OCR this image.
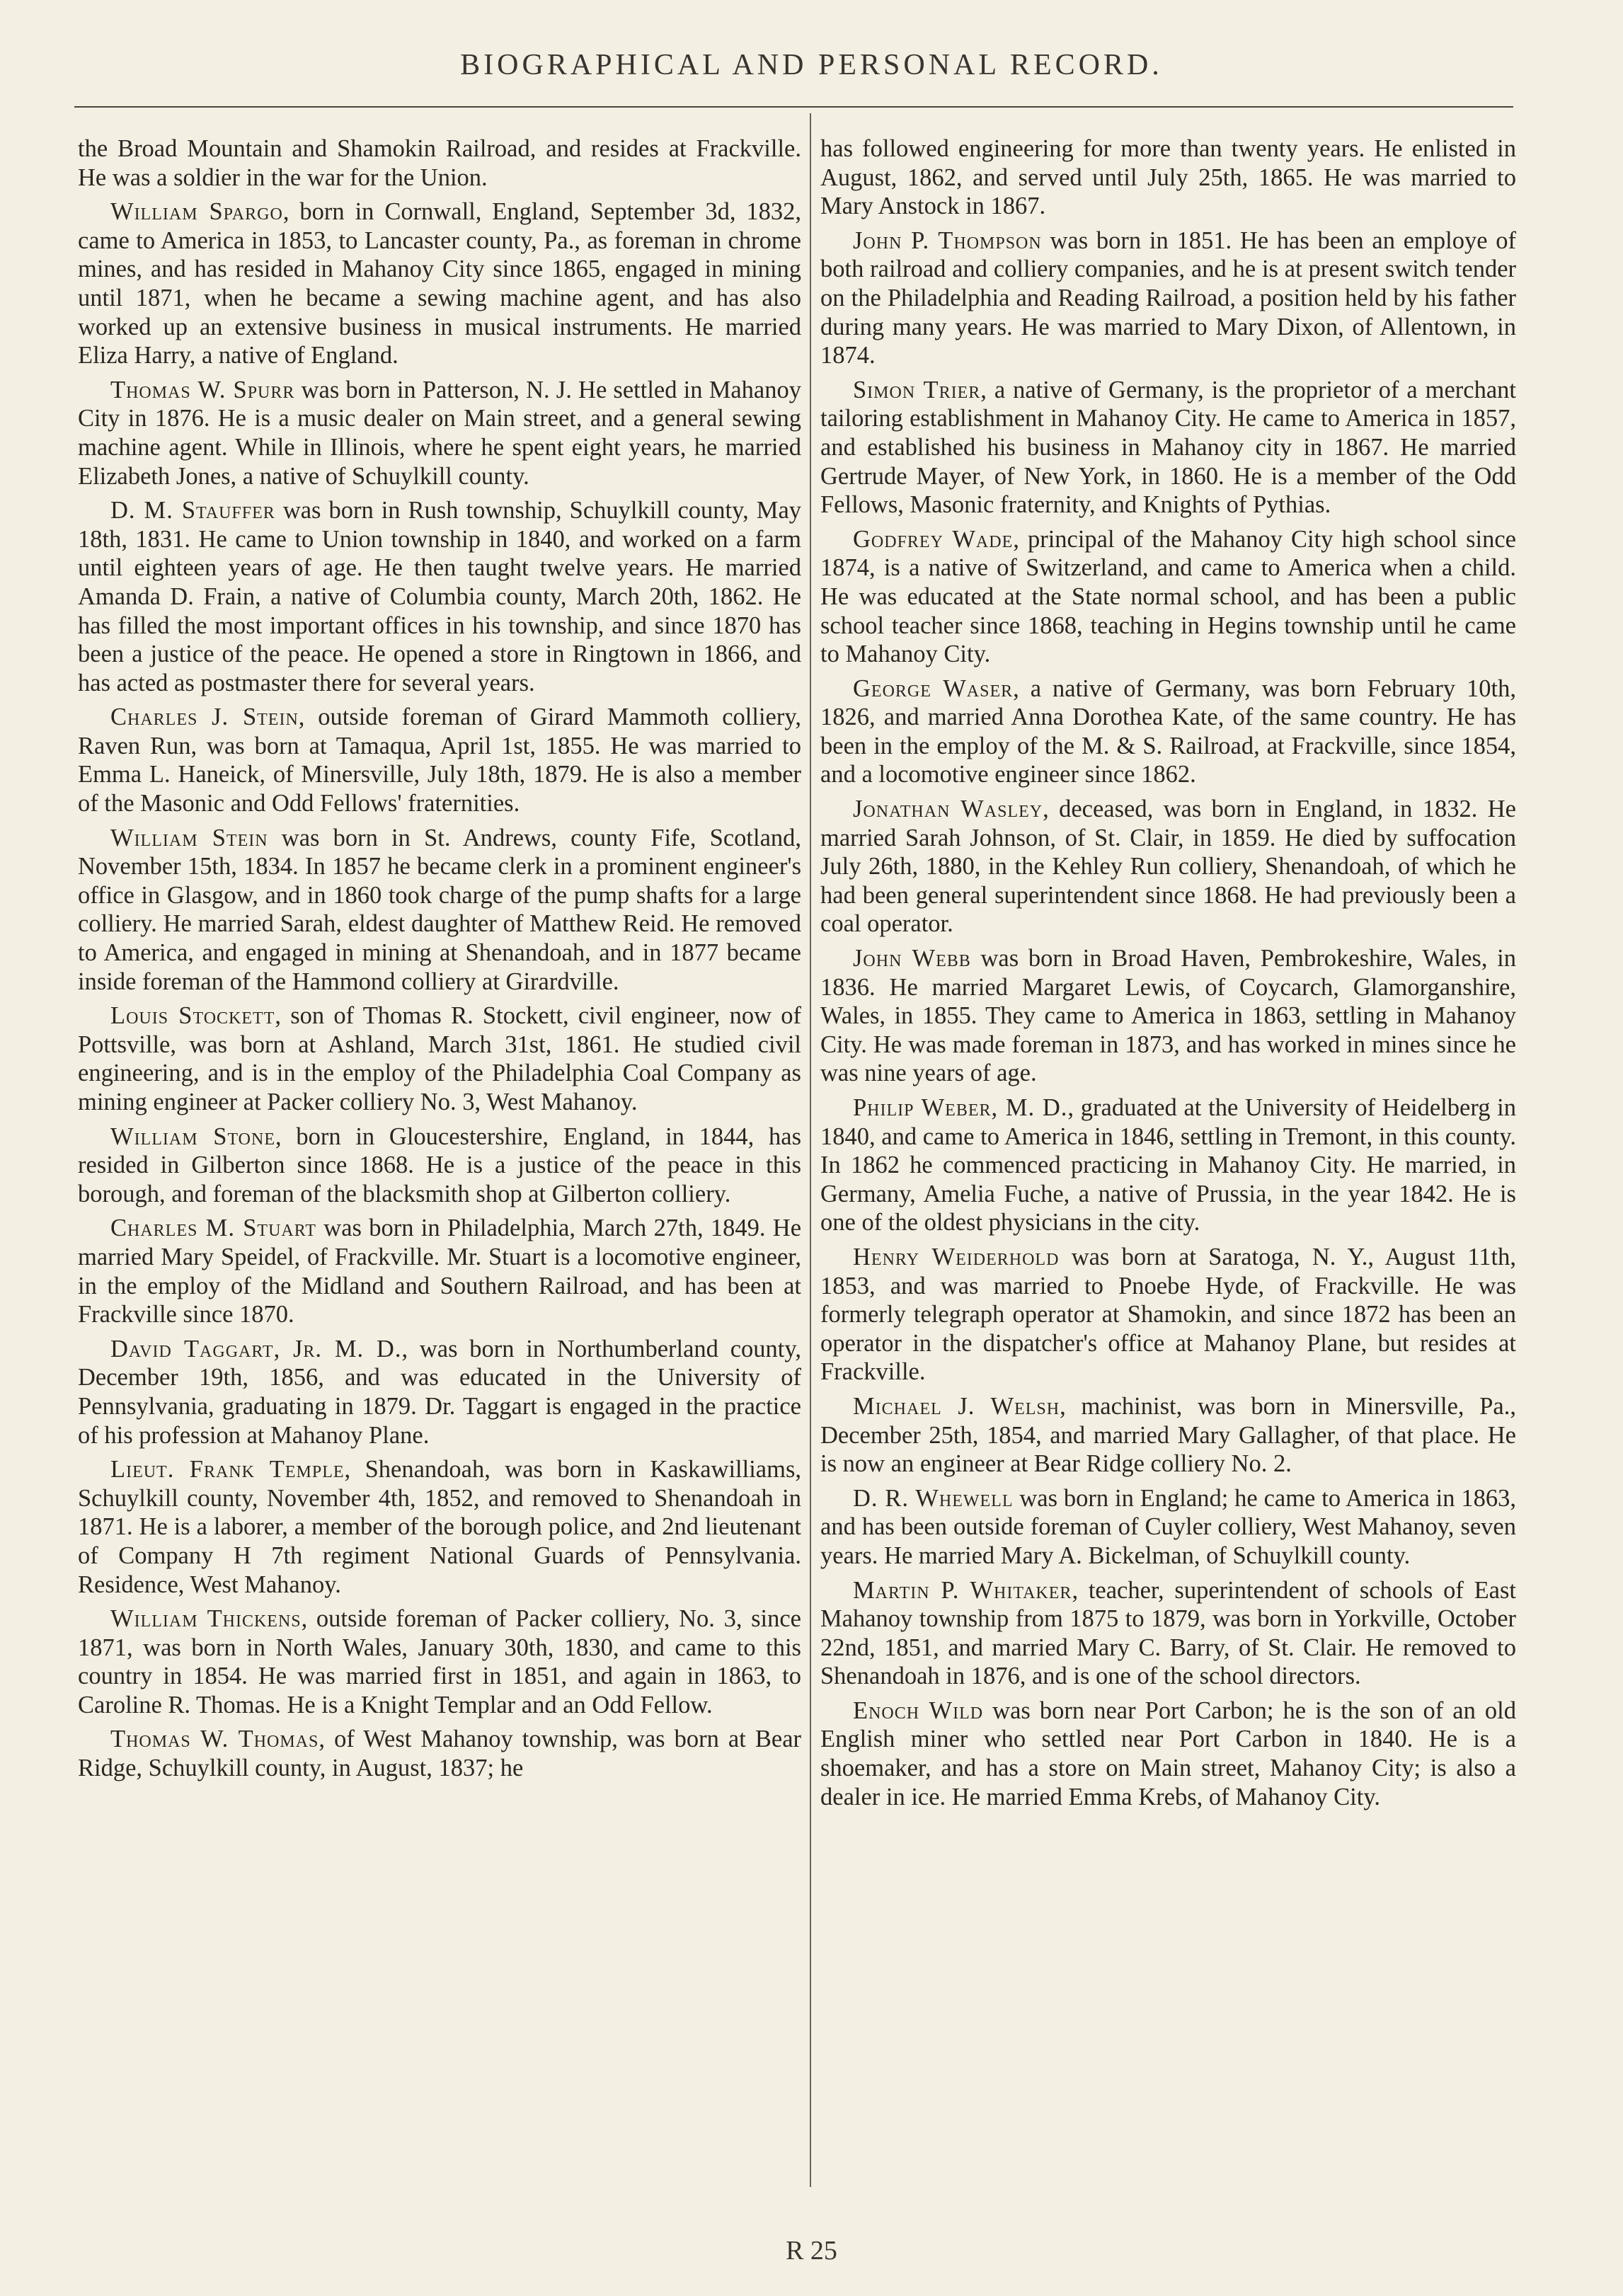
BIOGRAPHICAL AND PERSONAL RECORD.

the Broad Mountain and Shamokin Railroad, and resides at Frackville. He was a soldier in the war for the Union.

William Spargo, born in Cornwall, England, September 3d, 1832, came to America in 1853, to Lancaster county, Pa., as foreman in chrome mines, and has resided in Mahanoy City since 1865, engaged in mining until 1871, when he became a sewing machine agent, and has also worked up an extensive business in musical instruments. He married Eliza Harry, a native of England.

Thomas W. Spurr was born in Patterson, N. J. He settled in Mahanoy City in 1876. He is a music dealer on Main street, and a general sewing machine agent. While in Illinois, where he spent eight years, he married Elizabeth Jones, a native of Schuylkill county.

D. M. Stauffer was born in Rush township, Schuylkill county, May 18th, 1831. He came to Union township in 1840, and worked on a farm until eighteen years of age. He then taught twelve years. He married Amanda D. Frain, a native of Columbia county, March 20th, 1862. He has filled the most important offices in his township, and since 1870 has been a justice of the peace. He opened a store in Ringtown in 1866, and has acted as postmaster there for several years.

Charles J. Stein, outside foreman of Girard Mammoth colliery, Raven Run, was born at Tamaqua, April 1st, 1855. He was married to Emma L. Haneick, of Minersville, July 18th, 1879. He is also a member of the Masonic and Odd Fellows' fraternities.

William Stein was born in St. Andrews, county Fife, Scotland, November 15th, 1834. In 1857 he became clerk in a prominent engineer's office in Glasgow, and in 1860 took charge of the pump shafts for a large colliery. He married Sarah, eldest daughter of Matthew Reid. He removed to America, and engaged in mining at Shenandoah, and in 1877 became inside foreman of the Hammond colliery at Girardville.

Louis Stockett, son of Thomas R. Stockett, civil engineer, now of Pottsville, was born at Ashland, March 31st, 1861. He studied civil engineering, and is in the employ of the Philadelphia Coal Company as mining engineer at Packer colliery No. 3, West Mahanoy.

William Stone, born in Gloucestershire, England, in 1844, has resided in Gilberton since 1868. He is a justice of the peace in this borough, and foreman of the blacksmith shop at Gilberton colliery.

Charles M. Stuart was born in Philadelphia, March 27th, 1849. He married Mary Speidel, of Frackville. Mr. Stuart is a locomotive engineer, in the employ of the Midland and Southern Railroad, and has been at Frackville since 1870.

David Taggart, Jr. M. D., was born in Northumberland county, December 19th, 1856, and was educated in the University of Pennsylvania, graduating in 1879. Dr. Taggart is engaged in the practice of his profession at Mahanoy Plane.

Lieut. Frank Temple, Shenandoah, was born in Kaskawilliams, Schuylkill county, November 4th, 1852, and removed to Shenandoah in 1871. He is a laborer, a member of the borough police, and 2nd lieutenant of Company H 7th regiment National Guards of Pennsylvania. Residence, West Mahanoy.

William Thickens, outside foreman of Packer colliery, No. 3, since 1871, was born in North Wales, January 30th, 1830, and came to this country in 1854. He was married first in 1851, and again in 1863, to Caroline R. Thomas. He is a Knight Templar and an Odd Fellow.

Thomas W. Thomas, of West Mahanoy township, was born at Bear Ridge, Schuylkill county, in August, 1837; he

has followed engineering for more than twenty years. He enlisted in August, 1862, and served until July 25th, 1865. He was married to Mary Anstock in 1867.

John P. Thompson was born in 1851. He has been an employe of both railroad and colliery companies, and he is at present switch tender on the Philadelphia and Reading Railroad, a position held by his father during many years. He was married to Mary Dixon, of Allentown, in 1874.

Simon Trier, a native of Germany, is the proprietor of a merchant tailoring establishment in Mahanoy City. He came to America in 1857, and established his business in Mahanoy city in 1867. He married Gertrude Mayer, of New York, in 1860. He is a member of the Odd Fellows, Masonic fraternity, and Knights of Pythias.

Godfrey Wade, principal of the Mahanoy City high school since 1874, is a native of Switzerland, and came to America when a child. He was educated at the State normal school, and has been a public school teacher since 1868, teaching in Hegins township until he came to Mahanoy City.

George Waser, a native of Germany, was born February 10th, 1826, and married Anna Dorothea Kate, of the same country. He has been in the employ of the M. & S. Railroad, at Frackville, since 1854, and a locomotive engineer since 1862.

Jonathan Wasley, deceased, was born in England, in 1832. He married Sarah Johnson, of St. Clair, in 1859. He died by suffocation July 26th, 1880, in the Kehley Run colliery, Shenandoah, of which he had been general superintendent since 1868. He had previously been a coal operator.

John Webb was born in Broad Haven, Pembrokeshire, Wales, in 1836. He married Margaret Lewis, of Coycarch, Glamorganshire, Wales, in 1855. They came to America in 1863, settling in Mahanoy City. He was made foreman in 1873, and has worked in mines since he was nine years of age.

Philip Weber, M. D., graduated at the University of Heidelberg in 1840, and came to America in 1846, settling in Tremont, in this county. In 1862 he commenced practicing in Mahanoy City. He married, in Germany, Amelia Fuche, a native of Prussia, in the year 1842. He is one of the oldest physicians in the city.

Henry Weiderhold was born at Saratoga, N. Y., August 11th, 1853, and was married to Pnoebe Hyde, of Frackville. He was formerly telegraph operator at Shamokin, and since 1872 has been an operator in the dispatcher's office at Mahanoy Plane, but resides at Frackville.

Michael J. Welsh, machinist, was born in Minersville, Pa., December 25th, 1854, and married Mary Gallagher, of that place. He is now an engineer at Bear Ridge colliery No. 2.

D. R. Whewell was born in England; he came to America in 1863, and has been outside foreman of Cuyler colliery, West Mahanoy, seven years. He married Mary A. Bickelman, of Schuylkill county.

Martin P. Whitaker, teacher, superintendent of schools of East Mahanoy township from 1875 to 1879, was born in Yorkville, October 22nd, 1851, and married Mary C. Barry, of St. Clair. He removed to Shenandoah in 1876, and is one of the school directors.

Enoch Wild was born near Port Carbon; he is the son of an old English miner who settled near Port Carbon in 1840. He is a shoemaker, and has a store on Main street, Mahanoy City; is also a dealer in ice. He married Emma Krebs, of Mahanoy City.

R 25
